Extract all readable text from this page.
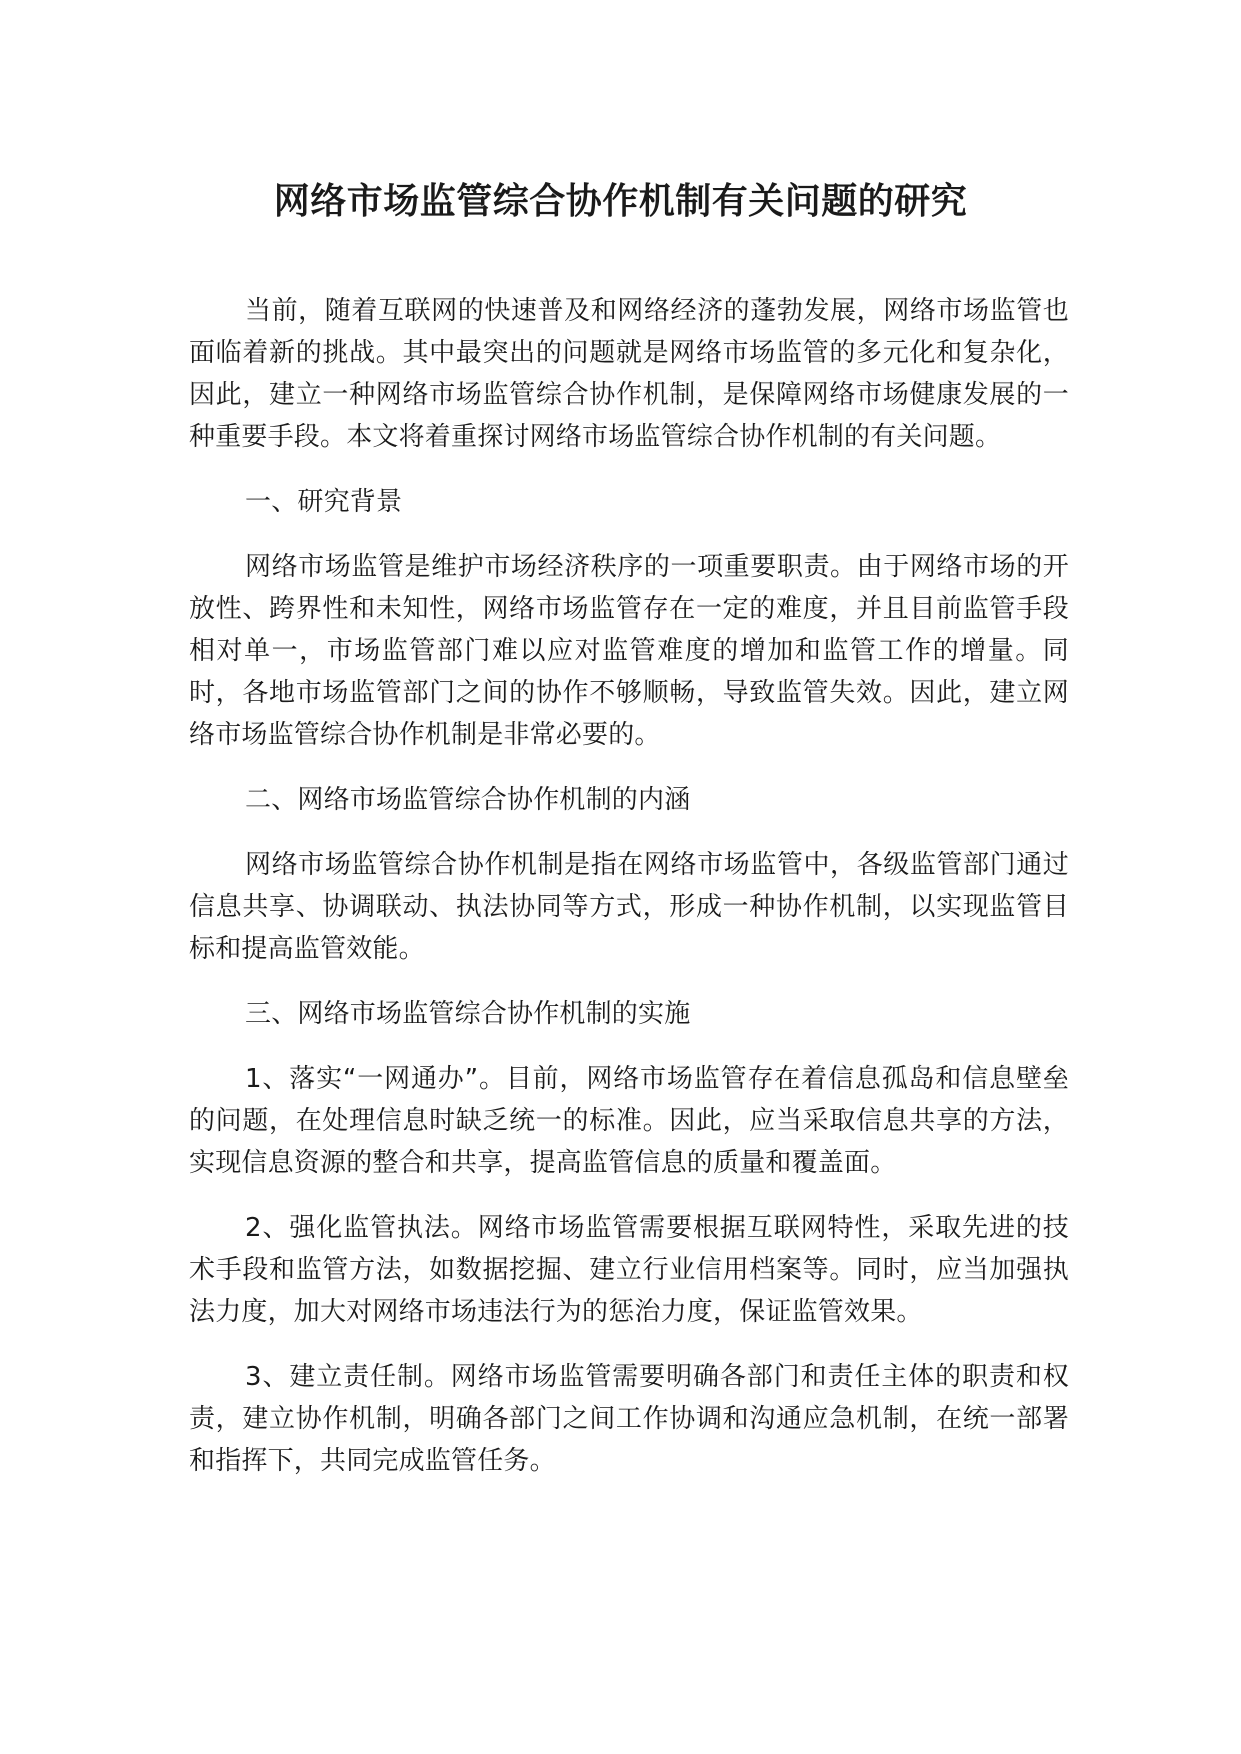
网络市场监管综合协作机制有关问题的研究

当前，随着互联网的快速普及和网络经济的蓬勃发展，网络市场监管也面临着新的挑战。其中最突出的问题就是网络市场监管的多元化和复杂化，因此，建立一种网络市场监管综合协作机制，是保障网络市场健康发展的一种重要手段。本文将着重探讨网络市场监管综合协作机制的有关问题。

一、研究背景

网络市场监管是维护市场经济秩序的一项重要职责。由于网络市场的开放性、跨界性和未知性，网络市场监管存在一定的难度，并且目前监管手段相对单一，市场监管部门难以应对监管难度的增加和监管工作的增量。同时，各地市场监管部门之间的协作不够顺畅，导致监管失效。因此，建立网络市场监管综合协作机制是非常必要的。

二、网络市场监管综合协作机制的内涵

网络市场监管综合协作机制是指在网络市场监管中，各级监管部门通过信息共享、协调联动、执法协同等方式，形成一种协作机制，以实现监管目标和提高监管效能。

三、网络市场监管综合协作机制的实施

1、落实“一网通办”。目前，网络市场监管存在着信息孤岛和信息壁垒的问题，在处理信息时缺乏统一的标准。因此，应当采取信息共享的方法，实现信息资源的整合和共享，提高监管信息的质量和覆盖面。

2、强化监管执法。网络市场监管需要根据互联网特性，采取先进的技术手段和监管方法，如数据挖掘、建立行业信用档案等。同时，应当加强执法力度，加大对网络市场违法行为的惩治力度，保证监管效果。

3、建立责任制。网络市场监管需要明确各部门和责任主体的职责和权责，建立协作机制，明确各部门之间工作协调和沟通应急机制，在统一部署和指挥下，共同完成监管任务。
